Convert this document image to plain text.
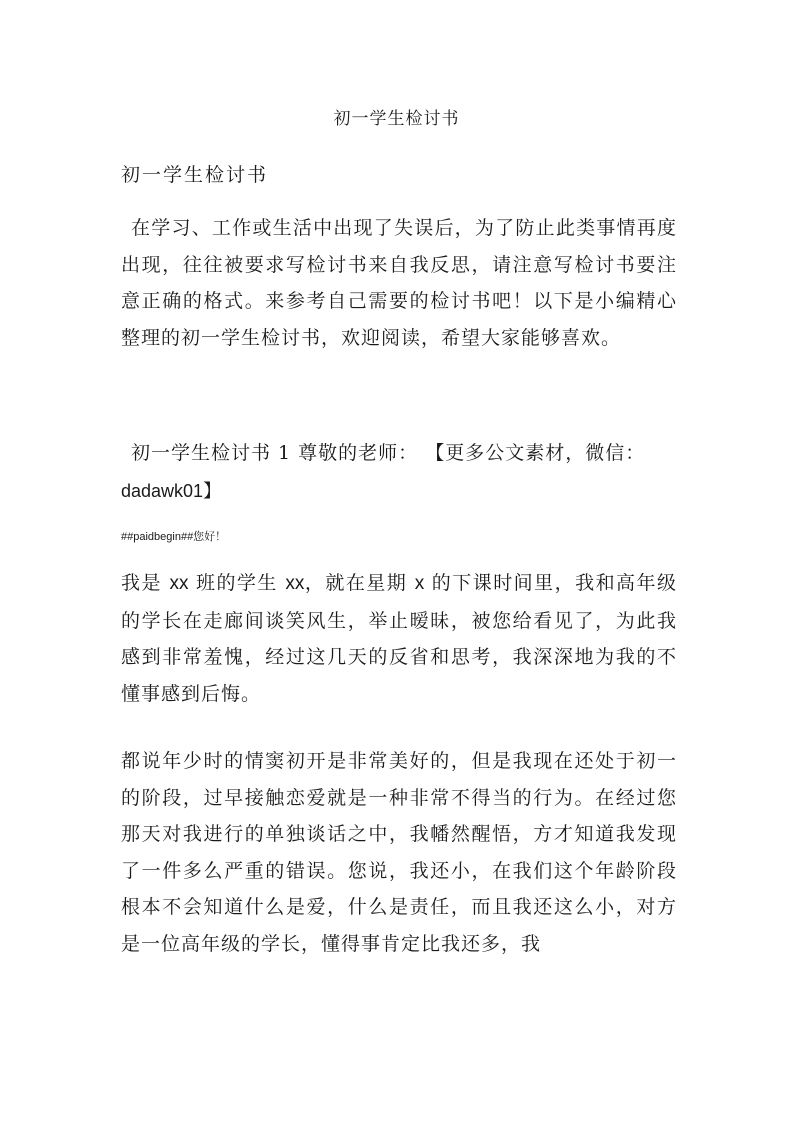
初一学生检讨书
初一学生检讨书
在学习、工作或生活中出现了失误后，为了防止此类事情再度出现，往往被要求写检讨书来自我反思，请注意写检讨书要注意正确的格式。来参考自己需要的检讨书吧！以下是小编精心整理的初一学生检讨书，欢迎阅读，希望大家能够喜欢。
初一学生检讨书 1 尊敬的老师： 【更多公文素材，微信：
dadawk01】
##paidbegin##您好！
我是 xx 班的学生 xx，就在星期 x 的下课时间里，我和高年级的学长在走廊间谈笑风生，举止暧昧，被您给看见了，为此我感到非常羞愧，经过这几天的反省和思考，我深深地为我的不懂事感到后悔。
都说年少时的情窦初开是非常美好的，但是我现在还处于初一的阶段，过早接触恋爱就是一种非常不得当的行为。在经过您那天对我进行的单独谈话之中，我幡然醒悟，方才知道我发现了一件多么严重的错误。您说，我还小，在我们这个年龄阶段根本不会知道什么是爱，什么是责任，而且我还这么小，对方是一位高年级的学长，懂得事肯定比我还多，我
